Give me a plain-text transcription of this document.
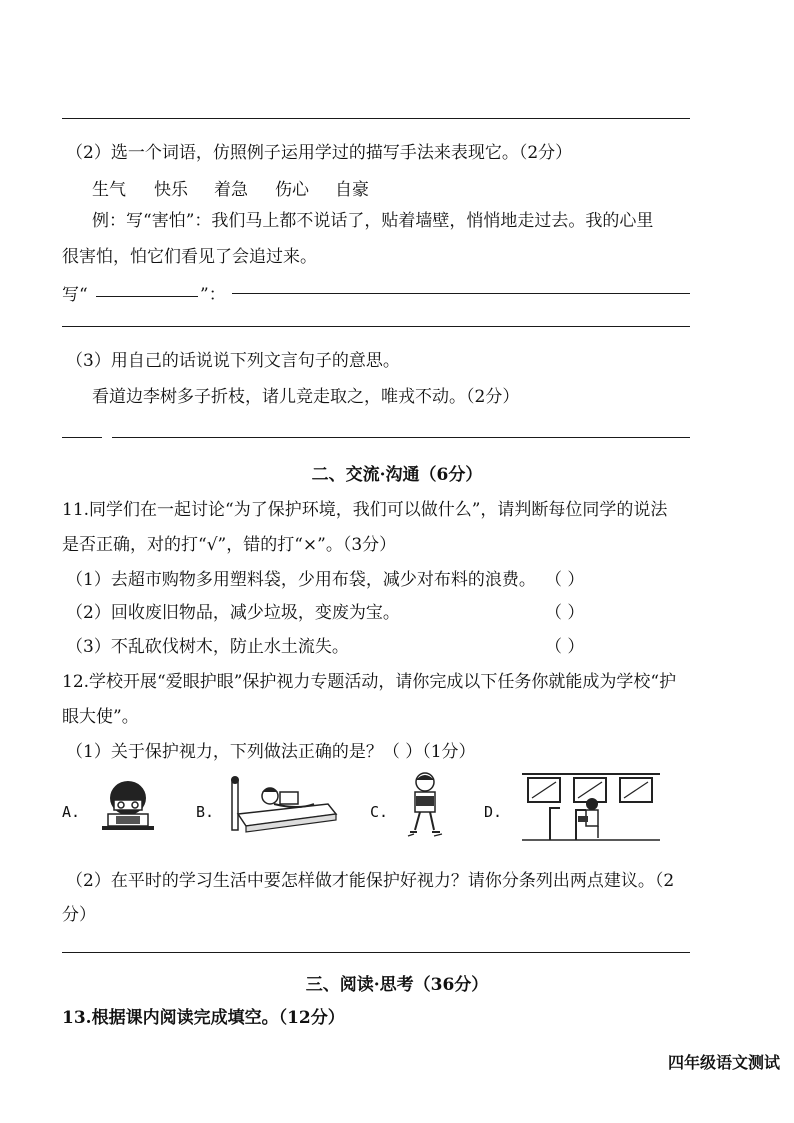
（2）选一个词语，仿照例子运用学过的描写手法来表现它。（2分）
生气 快乐 着急 伤心 自豪
例：写“害怕”：我们马上都不说话了，贴着墙壁，悄悄地走过去。我的心里
很害怕，怕它们看见了会追过来。
写“	”：
（3）用自己的话说说下列文言句子的意思。
看道边李树多子折枝，诸儿竞走取之，唯戎不动。（2分）
二、交流·沟通（6分）
11.同学们在一起讨论“为了保护环境，我们可以做什么”，请判断每位同学的说法
是否正确，对的打“√”，错的打“×”。（3分）
（1）去超市购物多用塑料袋，少用布袋，减少对布料的浪费。 （ ）
（2）回收废旧物品，减少垃圾，变废为宝。	（ ）
（3）不乱砍伐树木，防止水土流失。	（ ）
12.学校开展“爱眼护眼”保护视力专题活动，请你完成以下任务你就能成为学校“护
眼大使”。
（1）关于保护视力，下列做法正确的是？（ ）（1分）
A.	B.	C.	D.
（2）在平时的学习生活中要怎样做才能保护好视力？请你分条列出两点建议。（2
分）
三、阅读·思考（36分）
13.根据课内阅读完成填空。（12分）
四年级语文测试
